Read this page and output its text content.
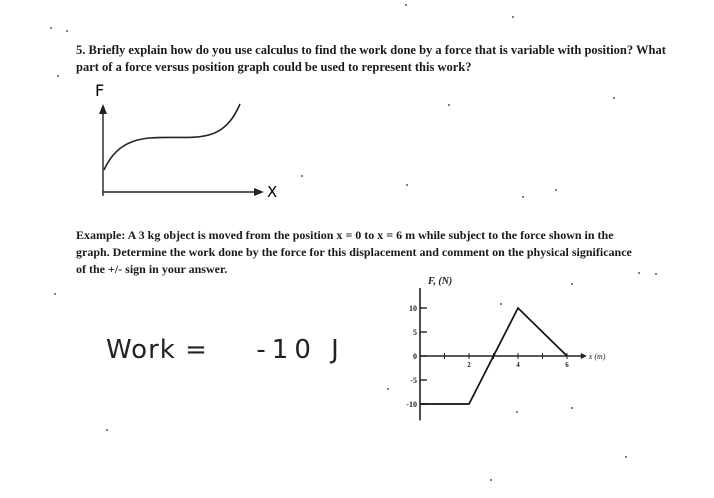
5. Briefly explain how do you use calculus to find the work done by a force that is variable with position? What
part of a force versus position graph could be used to represent this work?
F
X
Example: A 3 kg object is moved from the position x = 0 to x = 6 m while subject to the force shown in the
graph. Determine the work done by the force for this displacement and comment on the physical significance
of the +/- sign in your answer.
Work = -10 J
F, (N)
x (m)
10
5
0
-5
-10
2	4	6
